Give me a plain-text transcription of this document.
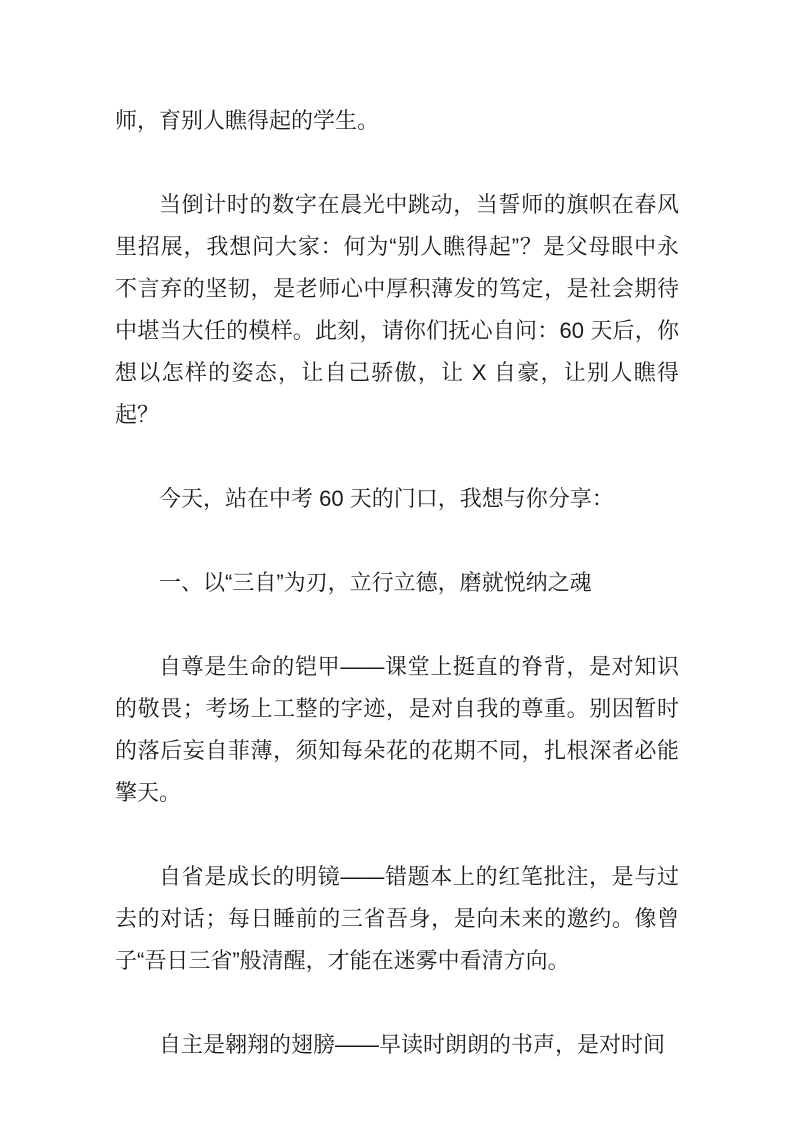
师，育别人瞧得起的学生。

当倒计时的数字在晨光中跳动，当誓师的旗帜在春风里招展，我想问大家：何为“别人瞧得起”？是父母眼中永不言弃的坚韧，是老师心中厚积薄发的笃定，是社会期待中堪当大任的模样。此刻，请你们抚心自问：60 天后，你想以怎样的姿态，让自己骄傲，让 X 自豪，让别人瞧得起？

今天，站在中考 60 天的门口，我想与你分享：

一、以“三自”为刃，立行立德，磨就悦纳之魂

自尊是生命的铠甲——课堂上挺直的脊背，是对知识的敬畏；考场上工整的字迹，是对自我的尊重。别因暂时的落后妄自菲薄，须知每朵花的花期不同，扎根深者必能擎天。

自省是成长的明镜——错题本上的红笔批注，是与过去的对话；每日睡前的三省吾身，是向未来的邀约。像曾子“吾日三省”般清醒，才能在迷雾中看清方向。

自主是翱翔的翅膀——早读时朗朗的书声，是对时间
